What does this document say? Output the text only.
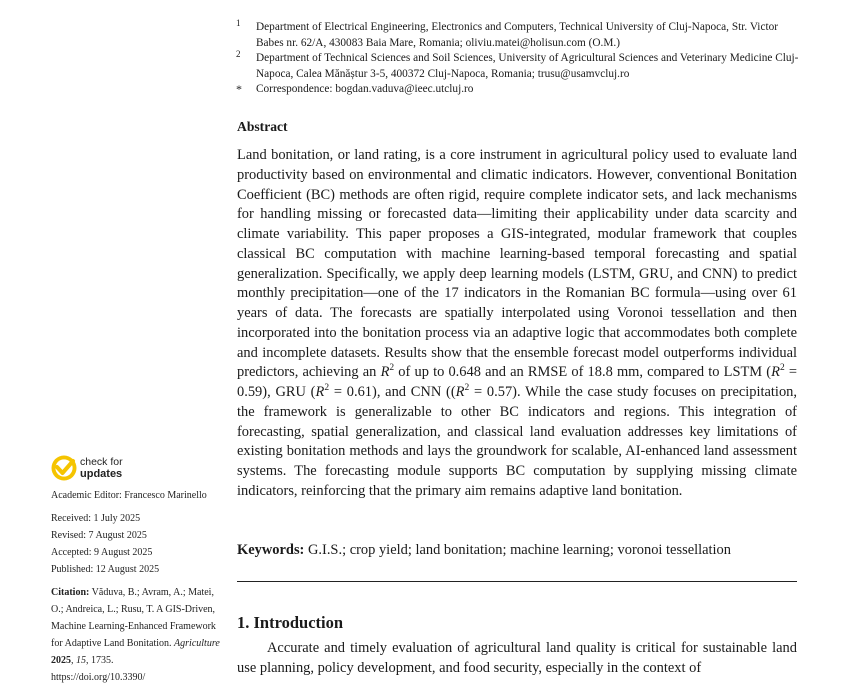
1 Department of Electrical Engineering, Electronics and Computers, Technical University of Cluj-Napoca, Str. Victor Babes nr. 62/A, 430083 Baia Mare, Romania; oliviu.matei@holisun.com (O.M.)

2 Department of Technical Sciences and Soil Sciences, University of Agricultural Sciences and Veterinary Medicine Cluj-Napoca, Calea Mănăștur 3-5, 400372 Cluj-Napoca, Romania; trusu@usamvcluj.ro

* Correspondence: bogdan.vaduva@ieec.utcluj.ro

Abstract

Land bonitation, or land rating, is a core instrument in agricultural policy used to evaluate land productivity based on environmental and climatic indicators. However, conventional Bonitation Coefficient (BC) methods are often rigid, require complete indicator sets, and lack mechanisms for handling missing or forecasted data—limiting their applicability under data scarcity and climate variability. This paper proposes a GIS-integrated, modular framework that couples classical BC computation with machine learning-based temporal forecasting and spatial generalization. Specifically, we apply deep learning models (LSTM, GRU, and CNN) to predict monthly precipitation—one of the 17 indicators in the Romanian BC formula—using over 61 years of data. The forecasts are spatially interpolated using Voronoi tessellation and then incorporated into the bonitation process via an adaptive logic that accommodates both complete and incomplete datasets. Results show that the ensemble forecast model outperforms individual predictors, achieving an $R^2$ of up to 0.648 and an RMSE of 18.8 mm, compared to LSTM $(R^2 = 0.59)$, GRU $(R^2 = 0.61)$, and CNN ($(R^2 = 0.57)$. While the case study focuses on precipitation, the framework is generalizable to other BC indicators and regions. This integration of forecasting, spatial generalization, and classical land evaluation addresses key limitations of existing bonitation methods and lays the groundwork for scalable, AI-enhanced land assessment systems. The forecasting module supports BC computation by supplying missing climate indicators, reinforcing that the primary aim remains adaptive land bonitation.

Keywords: G.I.S.; crop yield; land bonitation; machine learning; voronoi tessellation

1. Introduction

Accurate and timely evaluation of agricultural land quality is critical for sustainable land use planning, policy development, and food security, especially in the context of

check for
updates
Academic Editor: Francesco Marinello
Received: 1 July 2025
Revised: 7 August 2025
Accepted: 9 August 2025
Published: 12 August 2025
Citation: Văduva, B.; Avram, A.; Matei, O.; Andreica, L.; Rusu, T. A GIS-Driven, Machine Learning-Enhanced Framework for Adaptive Land Bonitation. Agriculture 2025, 15, 1735.
https://doi.org/10.3390/
